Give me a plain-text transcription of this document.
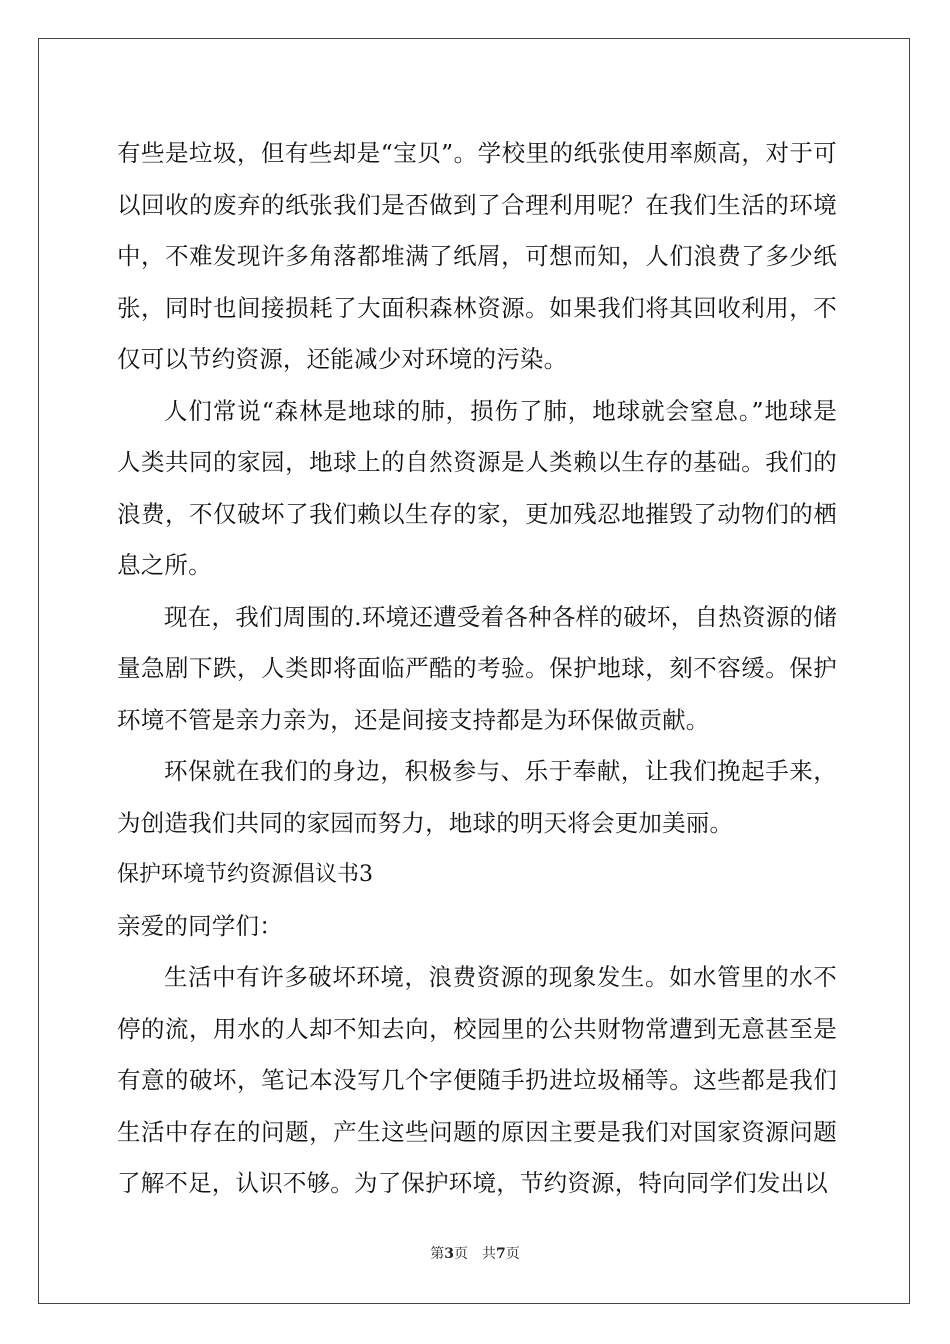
有些是垃圾，但有些却是“宝贝”。学校里的纸张使用率颇高，对于可以回收的废弃的纸张我们是否做到了合理利用呢？在我们生活的环境中，不难发现许多角落都堆满了纸屑，可想而知，人们浪费了多少纸张，同时也间接损耗了大面积森林资源。如果我们将其回收利用，不仅可以节约资源，还能减少对环境的污染。

人们常说“森林是地球的肺，损伤了肺，地球就会窒息。”地球是人类共同的家园，地球上的自然资源是人类赖以生存的基础。我们的浪费，不仅破坏了我们赖以生存的家，更加残忍地摧毁了动物们的栖息之所。

现在，我们周围的.环境还遭受着各种各样的破坏，自热资源的储量急剧下跌，人类即将面临严酷的考验。保护地球，刻不容缓。保护环境不管是亲力亲为，还是间接支持都是为环保做贡献。

环保就在我们的身边，积极参与、乐于奉献，让我们挽起手来，为创造我们共同的家园而努力，地球的明天将会更加美丽。

保护环境节约资源倡议书3

亲爱的同学们：

生活中有许多破坏环境，浪费资源的现象发生。如水管里的水不停的流，用水的人却不知去向，校园里的公共财物常遭到无意甚至是有意的破坏，笔记本没写几个字便随手扔进垃圾桶等。这些都是我们生活中存在的问题，产生这些问题的原因主要是我们对国家资源问题了解不足，认识不够。为了保护环境，节约资源，特向同学们发出以

第3页　共7页
